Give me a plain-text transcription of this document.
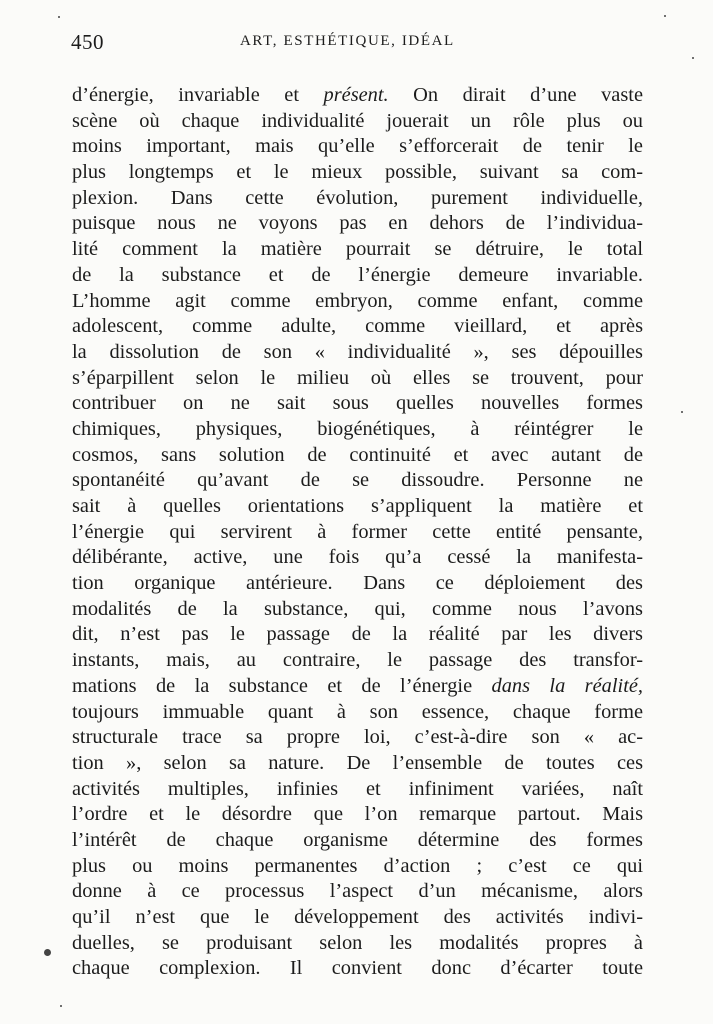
450	ART, ESTHÉTIQUE, IDÉAL
d’énergie, invariable et présent. On dirait d’une vaste
scène où chaque individualité jouerait un rôle plus ou
moins important, mais qu’elle s’efforcerait de tenir le
plus longtemps et le mieux possible, suivant sa com-
plexion. Dans cette évolution, purement individuelle,
puisque nous ne voyons pas en dehors de l’individua-
lité comment la matière pourrait se détruire, le total
de la substance et de l’énergie demeure invariable.
L’homme agit comme embryon, comme enfant, comme
adolescent, comme adulte, comme vieillard, et après
la dissolution de son « individualité », ses dépouilles
s’éparpillent selon le milieu où elles se trouvent, pour
contribuer on ne sait sous quelles nouvelles formes
chimiques, physiques, biogénétiques, à réintégrer le
cosmos, sans solution de continuité et avec autant de
spontanéité qu’avant de se dissoudre. Personne ne
sait à quelles orientations s’appliquent la matière et
l’énergie qui servirent à former cette entité pensante,
délibérante, active, une fois qu’a cessé la manifesta-
tion organique antérieure. Dans ce déploiement des
modalités de la substance, qui, comme nous l’avons
dit, n’est pas le passage de la réalité par les divers
instants, mais, au contraire, le passage des transfor-
mations de la substance et de l’énergie dans la réalité,
toujours immuable quant à son essence, chaque forme
structurale trace sa propre loi, c’est-à-dire son « ac-
tion », selon sa nature. De l’ensemble de toutes ces
activités multiples, infinies et infiniment variées, naît
l’ordre et le désordre que l’on remarque partout. Mais
l’intérêt de chaque organisme détermine des formes
plus ou moins permanentes d’action ; c’est ce qui
donne à ce processus l’aspect d’un mécanisme, alors
qu’il n’est que le développement des activités indivi-
duelles, se produisant selon les modalités propres à
chaque complexion. Il convient donc d’écarter toute
